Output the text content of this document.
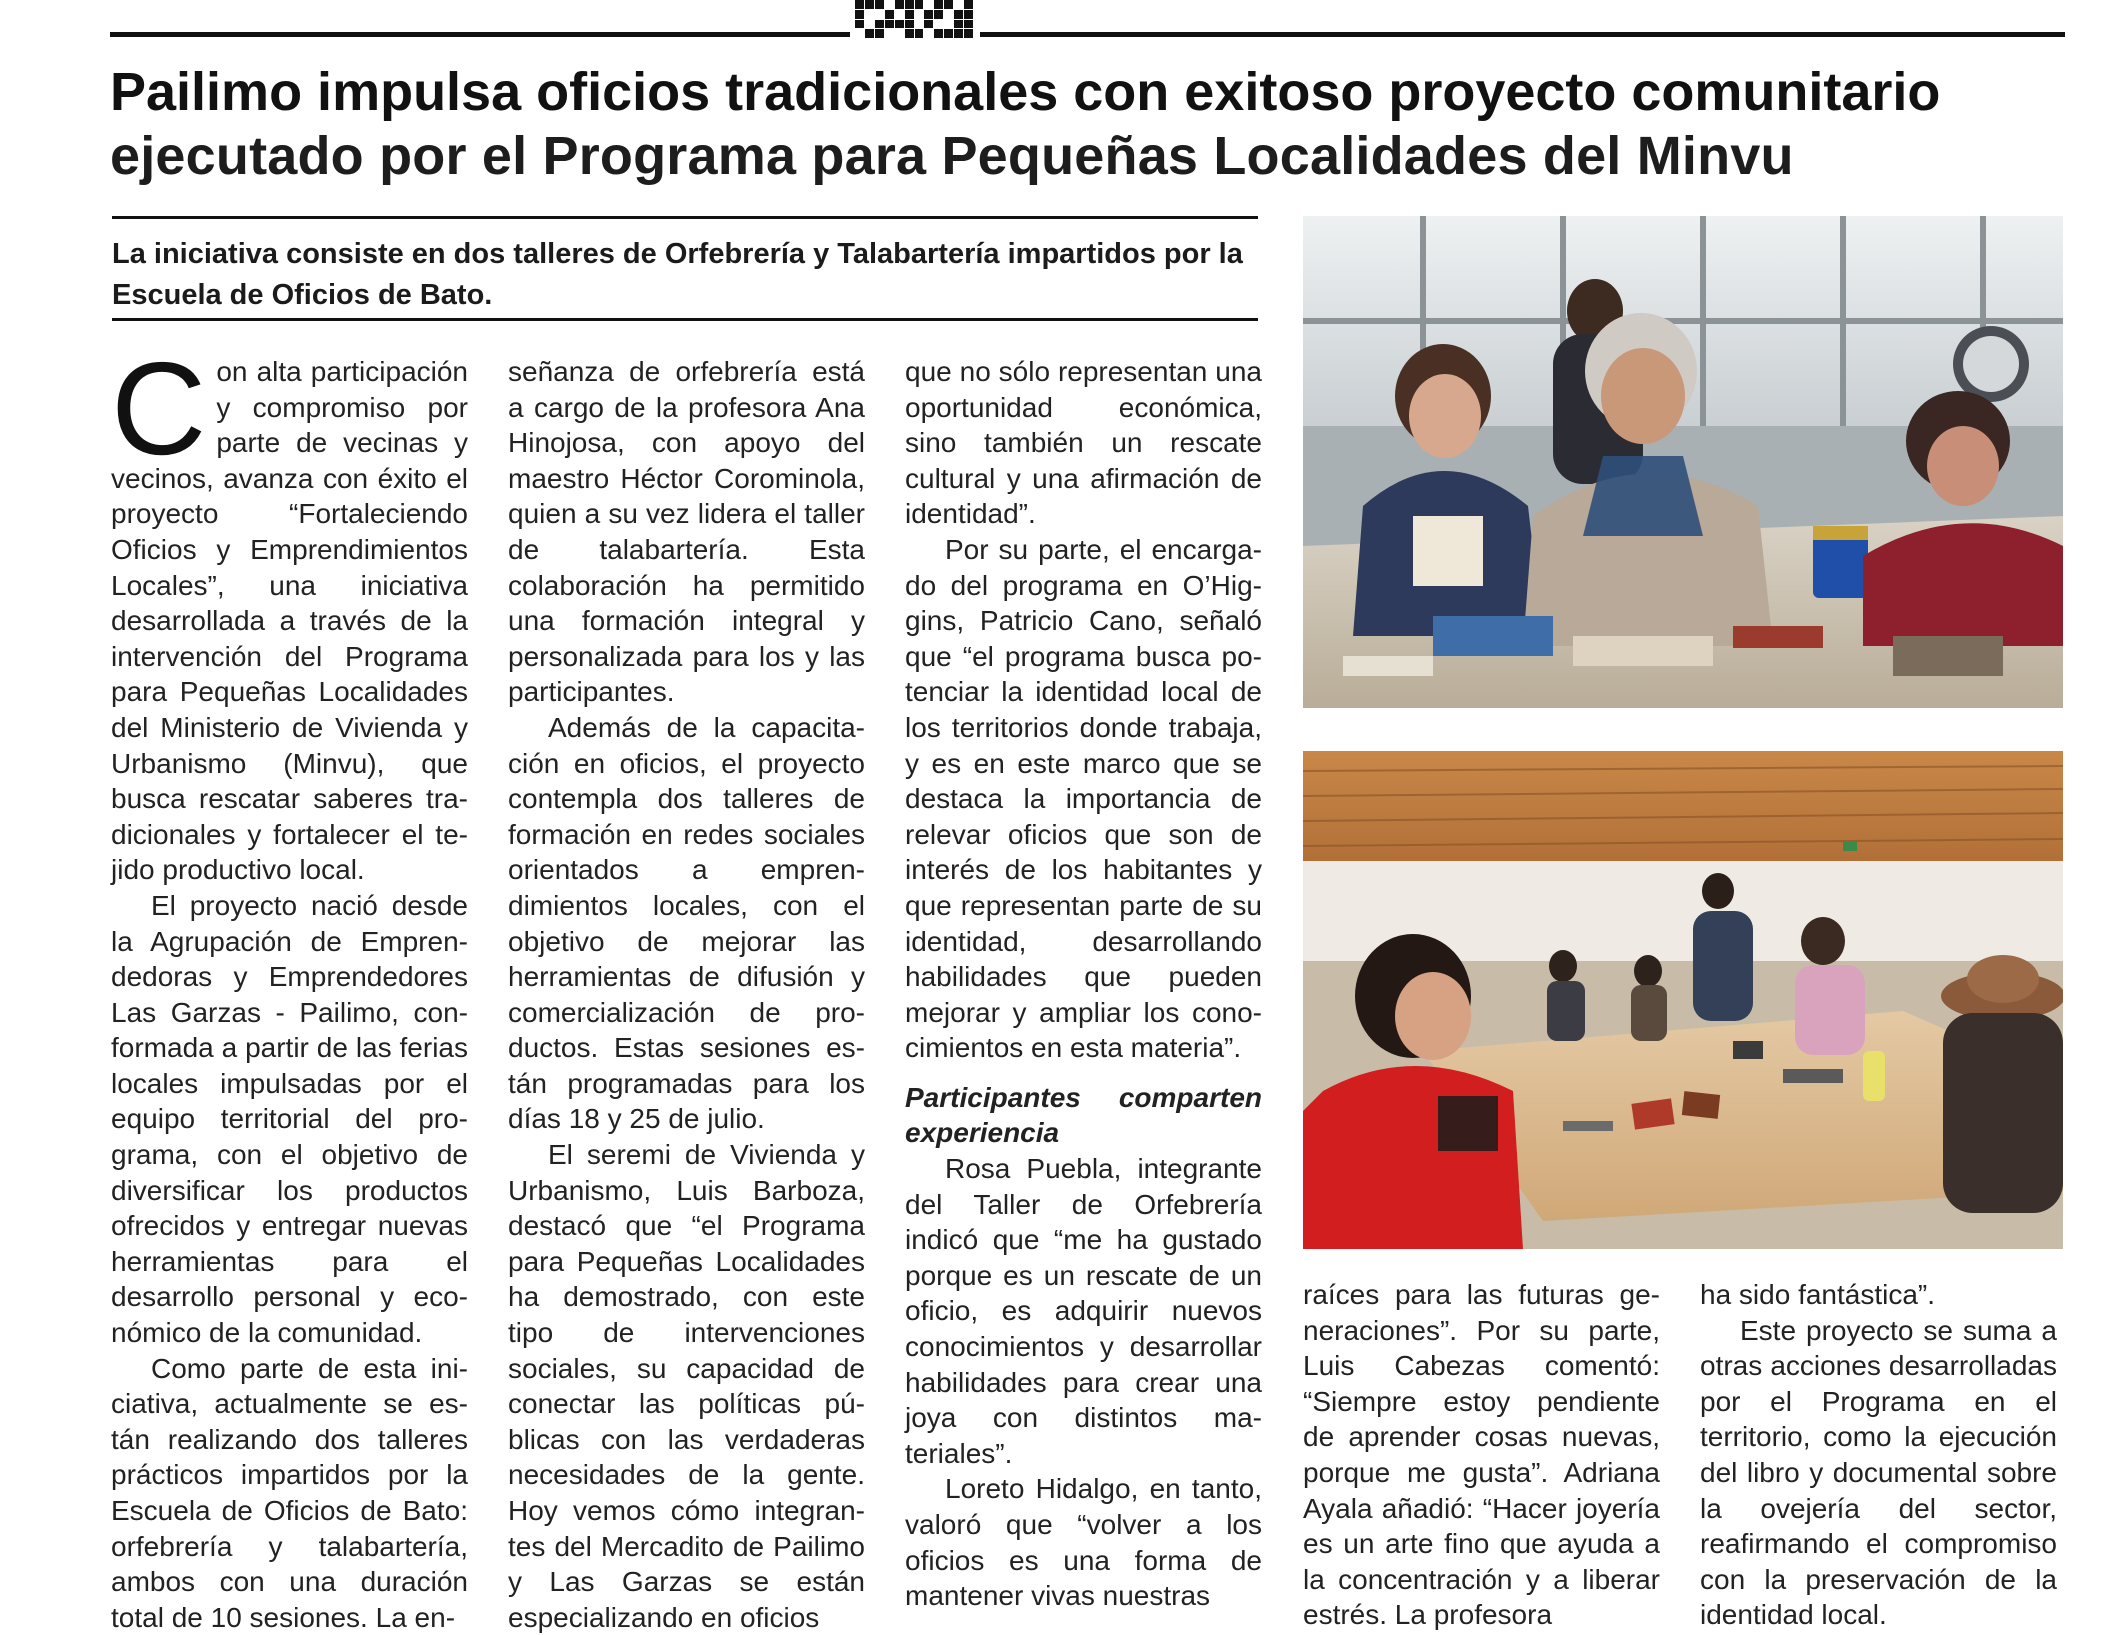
Pailimo impulsa oficios tradicionales con exitoso proyecto comunitario
ejecutado por el Programa para Pequeñas Localidades del Minvu
La iniciativa consiste en dos talleres de Orfebrería y Talabartería impartidos por la Escuela de Oficios de Bato.

Con alta participación y compromiso por parte de vecinas y vecinos, avanza con éxito el proyecto “Fortaleciendo Oficios y Emprendimientos Locales”, una iniciativa desarrollada a través de la intervención del Programa para Pequeñas Localidades del Ministerio de Vivienda y Urbanismo (Minvu), que busca rescatar saberes tradicionales y fortalecer el tejido productivo local.

El proyecto nació desde la Agrupación de Emprendedoras y Emprendedores Las Garzas - Pailimo, conformada a partir de las ferias locales impulsadas por el equipo territorial del programa, con el objetivo de diversificar los productos ofrecidos y entregar nuevas herramientas para el desarrollo personal y económico de la comunidad.

Como parte de esta iniciativa, actualmente se están realizando dos talleres prácticos impartidos por la Escuela de Oficios de Bato: orfebrería y talabartería, ambos con una duración total de 10 sesiones. La en-

señanza de orfebrería está a cargo de la profesora Ana Hinojosa, con apoyo del maestro Héctor Corominola, quien a su vez lidera el taller de talabartería. Esta colaboración ha permitido una formación integral y personalizada para los y las participantes.

Además de la capacitación en oficios, el proyecto contempla dos talleres de formación en redes sociales orientados a emprendimientos locales, con el objetivo de mejorar las herramientas de difusión y comercialización de productos. Estas sesiones están programadas para los días 18 y 25 de julio.

El seremi de Vivienda y Urbanismo, Luis Barboza, destacó que “el Programa para Pequeñas Localidades ha demostrado, con este tipo de intervenciones sociales, su capacidad de conectar las políticas públicas con las verdaderas necesidades de la gente. Hoy vemos cómo integrantes del Mercadito de Pailimo y Las Garzas se están especializando en oficios

que no sólo representan una oportunidad económica, sino también un rescate cultural y una afirmación de identidad”.

Por su parte, el encargado del programa en O’Higgins, Patricio Cano, señaló que “el programa busca potenciar la identidad local de los territorios donde trabaja, y es en este marco que se destaca la importancia de relevar oficios que son de interés de los habitantes y que representan parte de su identidad, desarrollando habilidades que pueden mejorar y ampliar los conocimientos en esta materia”.

Participantes comparten experiencia

Rosa Puebla, integrante del Taller de Orfebrería indicó que “me ha gustado porque es un rescate de un oficio, es adquirir nuevos conocimientos y desarrollar habilidades para crear una joya con distintos materiales”.

Loreto Hidalgo, en tanto, valoró que “volver a los oficios es una forma de mantener vivas nuestras

raíces para las futuras generaciones”. Por su parte, Luis Cabezas comentó: “Siempre estoy pendiente de aprender cosas nuevas, porque me gusta”. Adriana Ayala añadió: “Hacer joyería es un arte fino que ayuda a la concentración y a liberar estrés. La profesora

ha sido fantástica”.

Este proyecto se suma a otras acciones desarrolladas por el Programa en el territorio, como la ejecución del libro y documental sobre la ovejería del sector, reafirmando el compromiso con la preservación de la identidad local.
